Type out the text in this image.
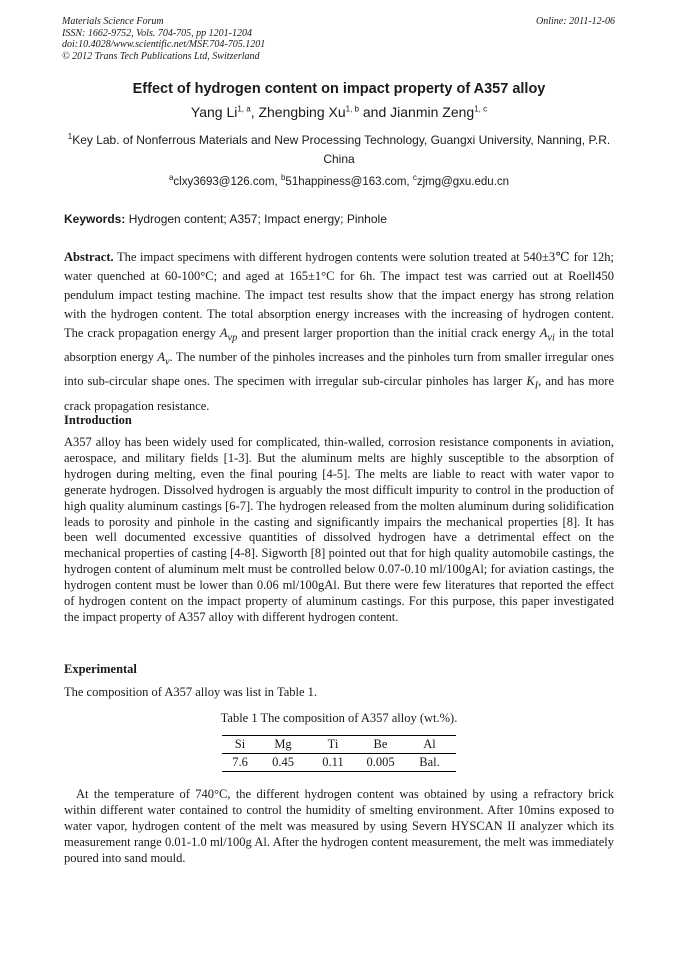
Materials Science Forum
ISSN: 1662-9752, Vols. 704-705, pp 1201-1204
doi:10.4028/www.scientific.net/MSF.704-705.1201
© 2012 Trans Tech Publications Ltd, Switzerland
Online: 2011-12-06
Effect of hydrogen content on impact property of A357 alloy
Yang Li$^{1, a}$, Zhengbing Xu$^{1, b}$ and Jianmin Zeng$^{1, c}$
$^1$Key Lab. of Nonferrous Materials and New Processing Technology, Guangxi University, Nanning, P.R. China
$^a$clxy3693@126.com, $^b$51happiness@163.com, $^c$zjmg@gxu.edu.cn
Keywords: Hydrogen content; A357; Impact energy; Pinhole
Abstract. The impact specimens with different hydrogen contents were solution treated at 540±3℃ for 12h; water quenched at 60-100°C; and aged at 165±1°C for 6h. The impact test was carried out at Roell450 pendulum impact testing machine. The impact test results show that the impact energy has strong relation with the hydrogen content. The total absorption energy increases with the increasing of hydrogen content. The crack propagation energy $A_{vp}$ and present larger proportion than the initial crack energy $A_{vi}$ in the total absorption energy $A_v$. The number of the pinholes increases and the pinholes turn from smaller irregular ones into sub-circular shape ones. The specimen with irregular sub-circular pinholes has larger $K_I$, and has more crack propagation resistance.
Introduction
A357 alloy has been widely used for complicated, thin-walled, corrosion resistance components in aviation, aerospace, and military fields [1-3]. But the aluminum melts are highly susceptible to the absorption of hydrogen during melting, even the final pouring [4-5]. The melts are liable to react with water vapor to generate hydrogen. Dissolved hydrogen is arguably the most difficult impurity to control in the production of high quality aluminum castings [6-7]. The hydrogen released from the molten aluminum during solidification leads to porosity and pinhole in the casting and significantly impairs the mechanical properties [8]. It has been well documented excessive quantities of dissolved hydrogen have a detrimental effect on the mechanical properties of casting [4-8]. Sigworth [8] pointed out that for high quality automobile castings, the hydrogen content of aluminum melt must be controlled below 0.07-0.10 ml/100gAl; for aviation castings, the hydrogen content must be lower than 0.06 ml/100gAl. But there were few literatures that reported the effect of hydrogen content on the impact property of aluminum castings. For this purpose, this paper investigated the impact property of A357 alloy with different hydrogen content.
Experimental
The composition of A357 alloy was list in Table 1.
Table 1 The composition of A357 alloy (wt.%).
Si	Mg	Ti	Be	Al
7.6	0.45	0.11	0.005	Bal.
At the temperature of 740°C, the different hydrogen content was obtained by using a refractory brick within different water contained to control the humidity of smelting environment. After 10mins exposed to water vapor, hydrogen content of the melt was measured by using Severn HYSCAN II analyzer which its measurement range 0.01-1.0 ml/100g Al. After the hydrogen content measurement, the melt was immediately poured into sand mould.
